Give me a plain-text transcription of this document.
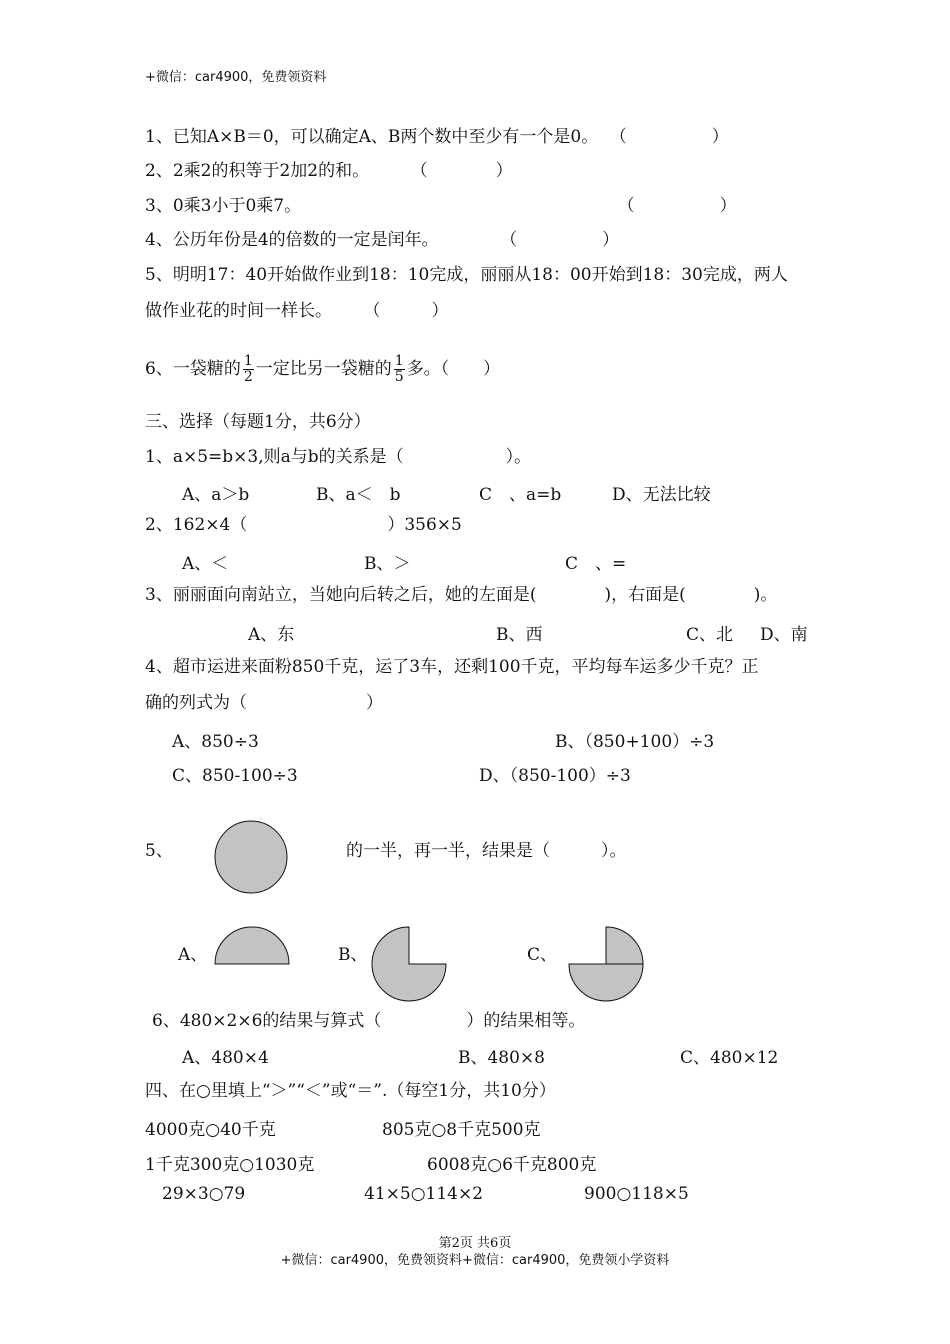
+微信：car4900，免费领资料
1、已知A×B＝0，可以确定A、B两个数中至少有一个是0。 （　　　　　）
2、2乘2的积等于2加2的和。	（　　　　）
3、0乘3小于0乘7。	（　　　　　）
4、公历年份是4的倍数的一定是闰年。	（　　　　　）
5、明明17：40开始做作业到18：10完成，丽丽从18：00开始到18：30完成，两人
做作业花的时间一样长。 （　　　）
6、一袋糖的 $\frac{1}{2}$ 一定比另一袋糖的 $\frac{1}{5}$ 多。（　　）
三、选择（每题1分，共6分）
1、a×5=b×3,则a与b的关系是（　　　　　　）。
A、a＞b	B、a＜　b	C　、a=b	D、无法比较
2、162×4（	）356×5
A、＜	B、＞	C　、=
3、丽丽面向南站立，当她向后转之后，她的左面是(　　　　)，右面是(　　　　)。
A、东	B、西	C、北 D、南
4、超市运进来面粉850千克，运了3车，还剩100千克，平均每车运多少千克？正
确的列式为（　　　　　　　）
A、850÷3	B、（850+100）÷3
C、850-100÷3	D、（850-100）÷3
5、	的一半，再一半，结果是（　　　）。
A、	B、	C、
6、480×2×6的结果与算式（　　　　　）的结果相等。
A、480×4	B、480×8	C、480×12
四、在○里填上“＞”“＜”或“＝”.（每空1分，共10分）
4000克○40千克	805克○8千克500克
1千克300克○1030克	6008克○6千克800克
29×3○79	41×5○114×2	900○118×5
第2页 共6页
+微信：car4900，免费领资料+微信：car4900，免费领小学资料
